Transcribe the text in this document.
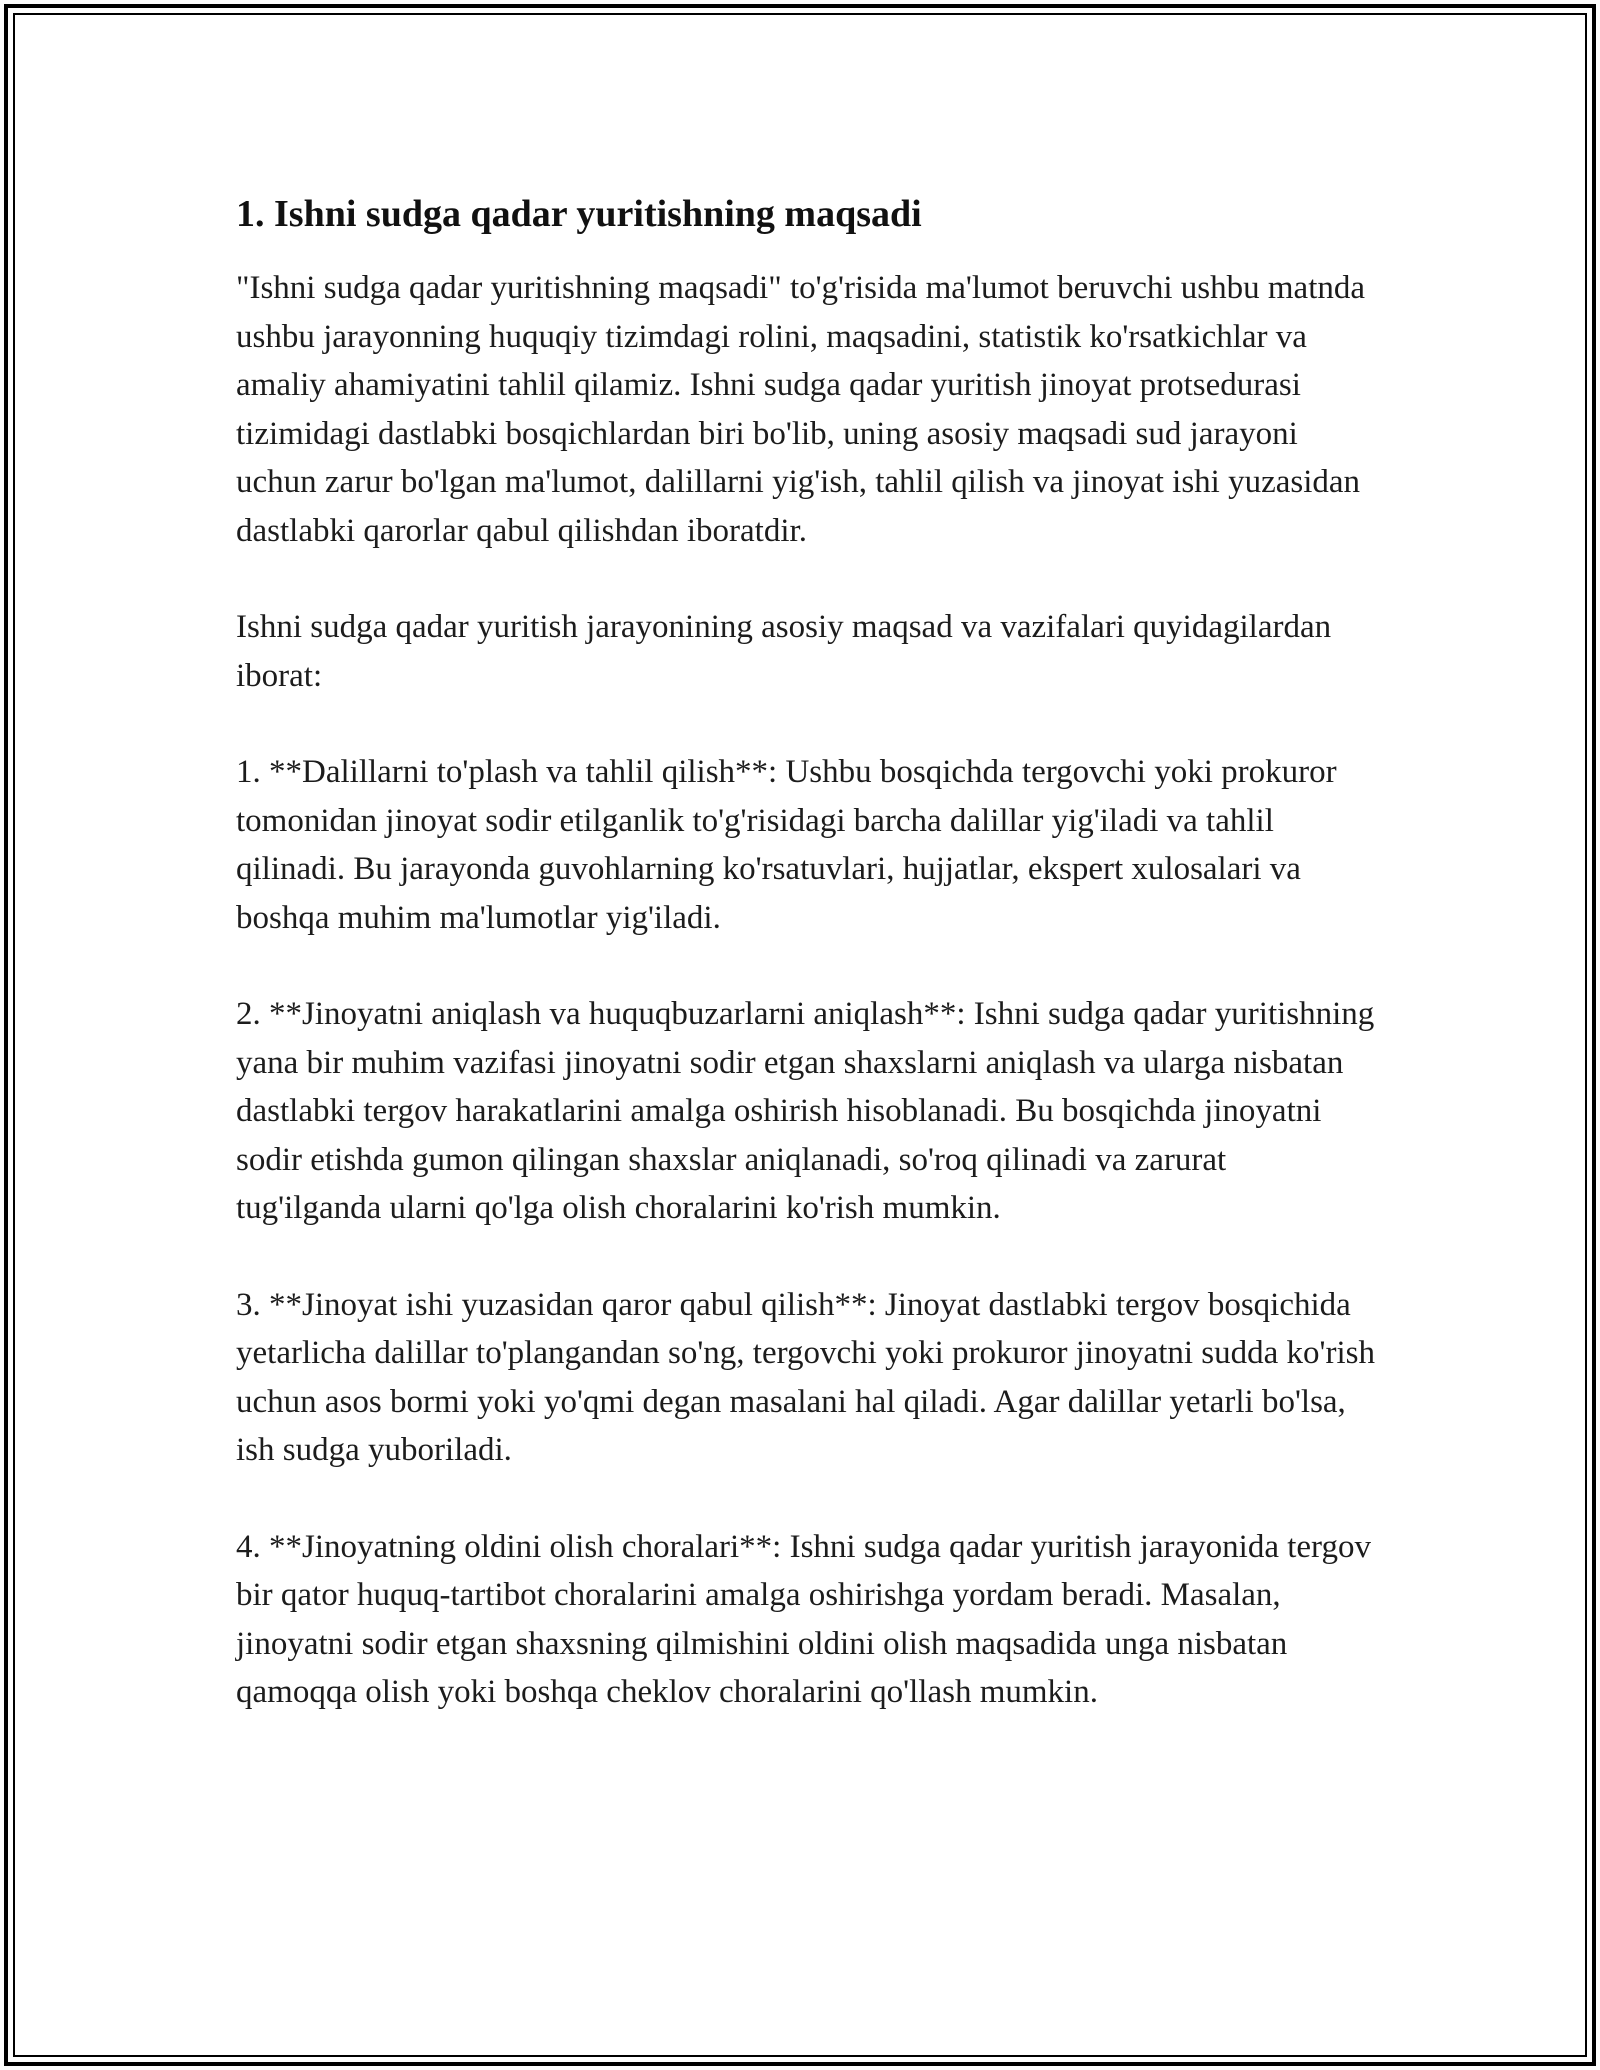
1. Ishni sudga qadar yuritishning maqsadi

"Ishni sudga qadar yuritishning maqsadi" to'g'risida ma'lumot beruvchi ushbu matnda ushbu jarayonning huquqiy tizimdagi rolini, maqsadini, statistik ko'rsatkichlar va amaliy ahamiyatini tahlil qilamiz. Ishni sudga qadar yuritish jinoyat protsedurasi tizimidagi dastlabki bosqichlardan biri bo'lib, uning asosiy maqsadi sud jarayoni uchun zarur bo'lgan ma'lumot, dalillarni yig'ish, tahlil qilish va jinoyat ishi yuzasidan dastlabki qarorlar qabul qilishdan iboratdir.

Ishni sudga qadar yuritish jarayonining asosiy maqsad va vazifalari quyidagilardan iborat:

1. **Dalillarni to'plash va tahlil qilish**: Ushbu bosqichda tergovchi yoki prokuror tomonidan jinoyat sodir etilganlik to'g'risidagi barcha dalillar yig'iladi va tahlil qilinadi. Bu jarayonda guvohlarning ko'rsatuvlari, hujjatlar, ekspert xulosalari va boshqa muhim ma'lumotlar yig'iladi.

2. **Jinoyatni aniqlash va huquqbuzarlarni aniqlash**: Ishni sudga qadar yuritishning yana bir muhim vazifasi jinoyatni sodir etgan shaxslarni aniqlash va ularga nisbatan dastlabki tergov harakatlarini amalga oshirish hisoblanadi. Bu bosqichda jinoyatni sodir etishda gumon qilingan shaxslar aniqlanadi, so'roq qilinadi va zarurat tug'ilganda ularni qo'lga olish choralarini ko'rish mumkin.

3. **Jinoyat ishi yuzasidan qaror qabul qilish**: Jinoyat dastlabki tergov bosqichida yetarlicha dalillar to'plangandan so'ng, tergovchi yoki prokuror jinoyatni sudda ko'rish uchun asos bormi yoki yo'qmi degan masalani hal qiladi. Agar dalillar yetarli bo'lsa, ish sudga yuboriladi.

4. **Jinoyatning oldini olish choralari**: Ishni sudga qadar yuritish jarayonida tergov bir qator huquq-tartibot choralarini amalga oshirishga yordam beradi. Masalan, jinoyatni sodir etgan shaxsning qilmishini oldini olish maqsadida unga nisbatan qamoqqa olish yoki boshqa cheklov choralarini qo'llash mumkin.
